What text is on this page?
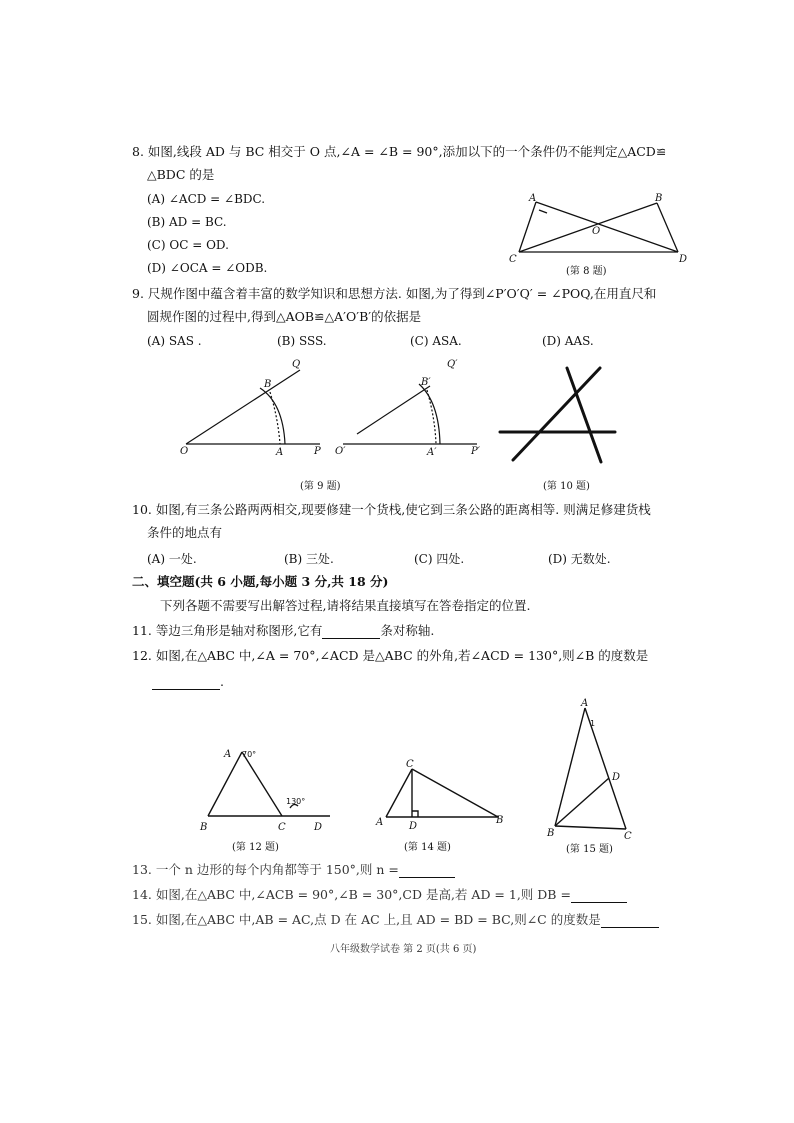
8. 如图,线段 AD 与 BC 相交于 O 点,∠A = ∠B = 90°,添加以下的一个条件仍不能判定△ACD≌
△BDC 的是
(A) ∠ACD = ∠BDC.
(B) AD = BC.
(C) OC = OD.
(D) ∠OCA = ∠ODB.
A	B
O
C	D
(第 8 题)
9. 尺规作图中蕴含着丰富的数学知识和思想方法. 如图,为了得到∠P′O′Q′ = ∠POQ,在用直尺和
圆规作图的过程中,得到△AOB≌△A′O′B′的依据是
(A) SAS .	(B) SSS.	(C) ASA.	(D) AAS.
Q
B
O	A	P
Q′
B′
O′	A′	P′
(第 9 题)	(第 10 题)
10. 如图,有三条公路两两相交,现要修建一个货栈,使它到三条公路的距离相等. 则满足修建货栈
条件的地点有
(A) 一处.	(B) 三处.	(C) 四处.	(D) 无数处.
二、填空题(共 6 小题,每小题 3 分,共 18 分)
下列各题不需要写出解答过程,请将结果直接填写在答卷指定的位置.
11. 等边三角形是轴对称图形,它有	条对称轴.
12. 如图,在△ABC 中,∠A = 70°,∠ACD 是△ABC 的外角,若∠ACD = 130°,则∠B 的度数是
.
A 70°
B	C
130°
D
(第 12 题)
C
A	D
B
(第 14 题)
A
1
D
B	C
(第 15 题)
13. 一个 n 边形的每个内角都等于 150°,则 n =
14. 如图,在△ABC 中,∠ACB = 90°,∠B = 30°,CD 是高,若 AD = 1,则 DB =
15. 如图,在△ABC 中,AB = AC,点 D 在 AC 上,且 AD = BD = BC,则∠C 的度数是
八年级数学试卷 第 2 页(共 6 页)
